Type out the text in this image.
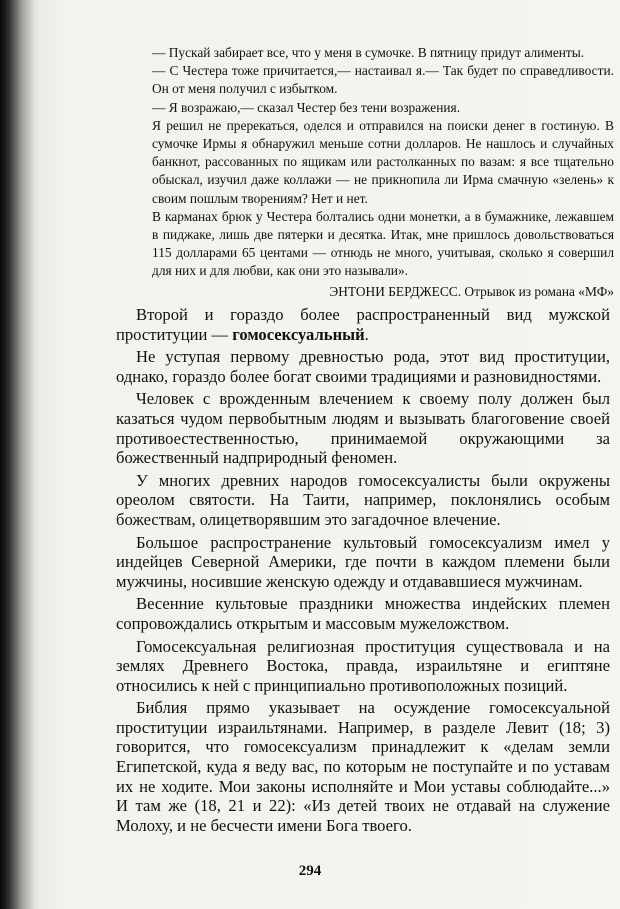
— Пускай забирает все, что у меня в сумочке. В пятницу придут алименты.

— С Честера тоже причитается,— настаивал я.— Так будет по справедливости. Он от меня получил с избытком.

— Я возражаю,— сказал Честер без тени возражения.

Я решил не пререкаться, оделся и отправился на поиски денег в гостиную. В сумочке Ирмы я обнаружил меньше сотни долларов. Не нашлось и случайных банкнот, рассованных по ящикам или растолканных по вазам: я все тщательно обыскал, изучил даже коллажи — не прикнопила ли Ирма смачную «зелень» к своим пошлым творениям? Нет и нет.

В карманах брюк у Честера болтались одни монетки, а в бумажнике, лежавшем в пиджаке, лишь две пятерки и десятка. Итак, мне пришлось довольствоваться 115 долларами 65 центами — отнюдь не много, учитывая, сколько я совершил для них и для любви, как они это называли».

ЭНТОНИ БЕРДЖЕСС. Отрывок из романа «МФ»

Второй и гораздо более распространенный вид мужской проституции — гомосексуальный.

Не уступая первому древностью рода, этот вид проституции, однако, гораздо более богат своими традициями и разновидностями.

Человек с врожденным влечением к своему полу должен был казаться чудом первобытным людям и вызывать благоговение своей противоестественностью, принимаемой окружающими за божественный надприродный феномен.

У многих древних народов гомосексуалисты были окружены ореолом святости. На Таити, например, поклонялись особым божествам, олицетворявшим это загадочное влечение.

Большое распространение культовый гомосексуализм имел у индейцев Северной Америки, где почти в каждом племени были мужчины, носившие женскую одежду и отдававшиеся мужчинам.

Весенние культовые праздники множества индейских племен сопровождались открытым и массовым мужеложством.

Гомосексуальная религиозная проституция существовала и на землях Древнего Востока, правда, израильтяне и египтяне относились к ней с принципиально противоположных позиций.

Библия прямо указывает на осуждение гомосексуальной проституции израильтянами. Например, в разделе Левит (18; 3) говорится, что гомосексуализм принадлежит к «делам земли Египетской, куда я веду вас, по которым не поступайте и по уставам их не ходите. Мои законы исполняйте и Мои уставы соблюдайте...» И там же (18, 21 и 22): «Из детей твоих не отдавай на служение Молоху, и не бесчести имени Бога твоего.

294
